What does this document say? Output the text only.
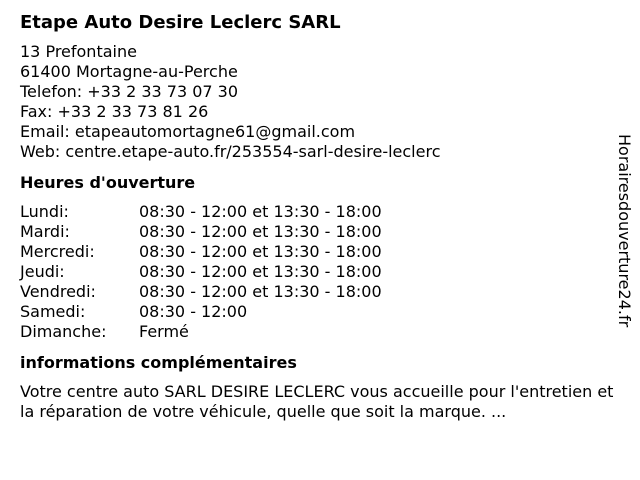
Etape Auto Desire Leclerc SARL
13 Prefontaine
61400 Mortagne-au-Perche
Telefon: +33 2 33 73 07 30
Fax: +33 2 33 73 81 26
Email: etapeautomortagne61@gmail.com
Web: centre.etape-auto.fr/253554-sarl-desire-leclerc
Heures d'ouverture
Lundi:	08:30 - 12:00 et 13:30 - 18:00
Mardi:	08:30 - 12:00 et 13:30 - 18:00
Mercredi:	08:30 - 12:00 et 13:30 - 18:00
Jeudi:	08:30 - 12:00 et 13:30 - 18:00
Vendredi:	08:30 - 12:00 et 13:30 - 18:00
Samedi:	08:30 - 12:00
Dimanche:	Fermé
informations complémentaires
Votre centre auto SARL DESIRE LECLERC vous accueille pour l'entretien et la réparation de votre véhicule, quelle que soit la marque. ...
Horairesdouverture24.fr
